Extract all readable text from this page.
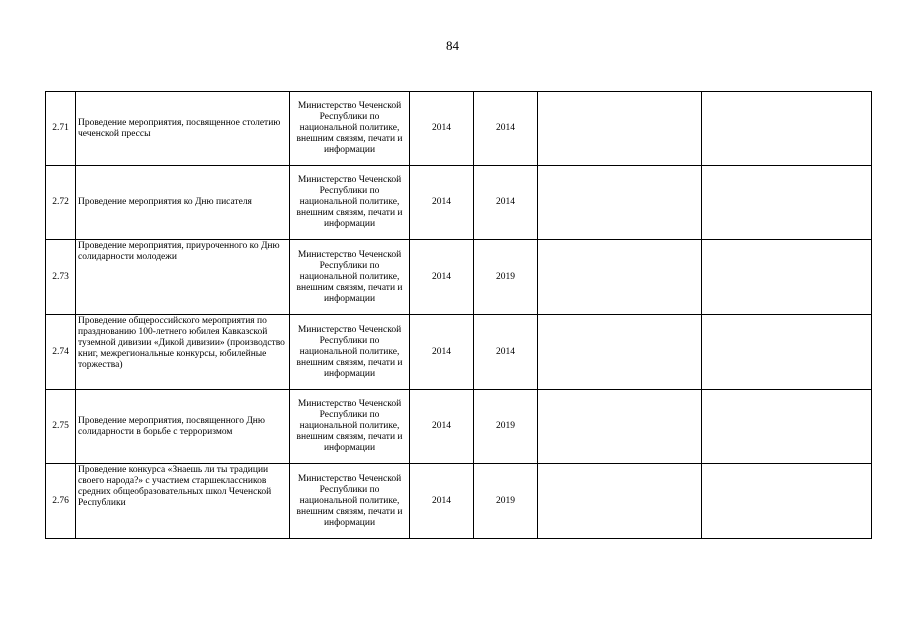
84
2.71	Проведение мероприятия, посвященное столетию чеченской прессы	Министерство Чеченской Республики по национальной политике, внешним связям, печати и информации	2014	2014		
2.72	Проведение мероприятия ко Дню писателя	Министерство Чеченской Республики по национальной политике, внешним связям, печати и информации	2014	2014		
2.73	Проведение мероприятия, приуроченного ко Дню солидарности молодежи	Министерство Чеченской Республики по национальной политике, внешним связям, печати и информации	2014	2019		
2.74	Проведение общероссийского мероприятия по празднованию 100-летнего юбилея Кавказской туземной дивизии «Дикой дивизии» (производство книг, межрегиональные конкурсы, юбилейные торжества)	Министерство Чеченской Республики по национальной политике, внешним связям, печати и информации	2014	2014		
2.75	Проведение мероприятия, посвященного Дню солидарности в борьбе с терроризмом	Министерство Чеченской Республики по национальной политике, внешним связям, печати и информации	2014	2019		
2.76	Проведение конкурса «Знаешь ли ты традиции своего народа?» с участием старшеклассников средних общеобразовательных школ Чеченской Республики	Министерство Чеченской Республики по национальной политике, внешним связям, печати и информации	2014	2019		
